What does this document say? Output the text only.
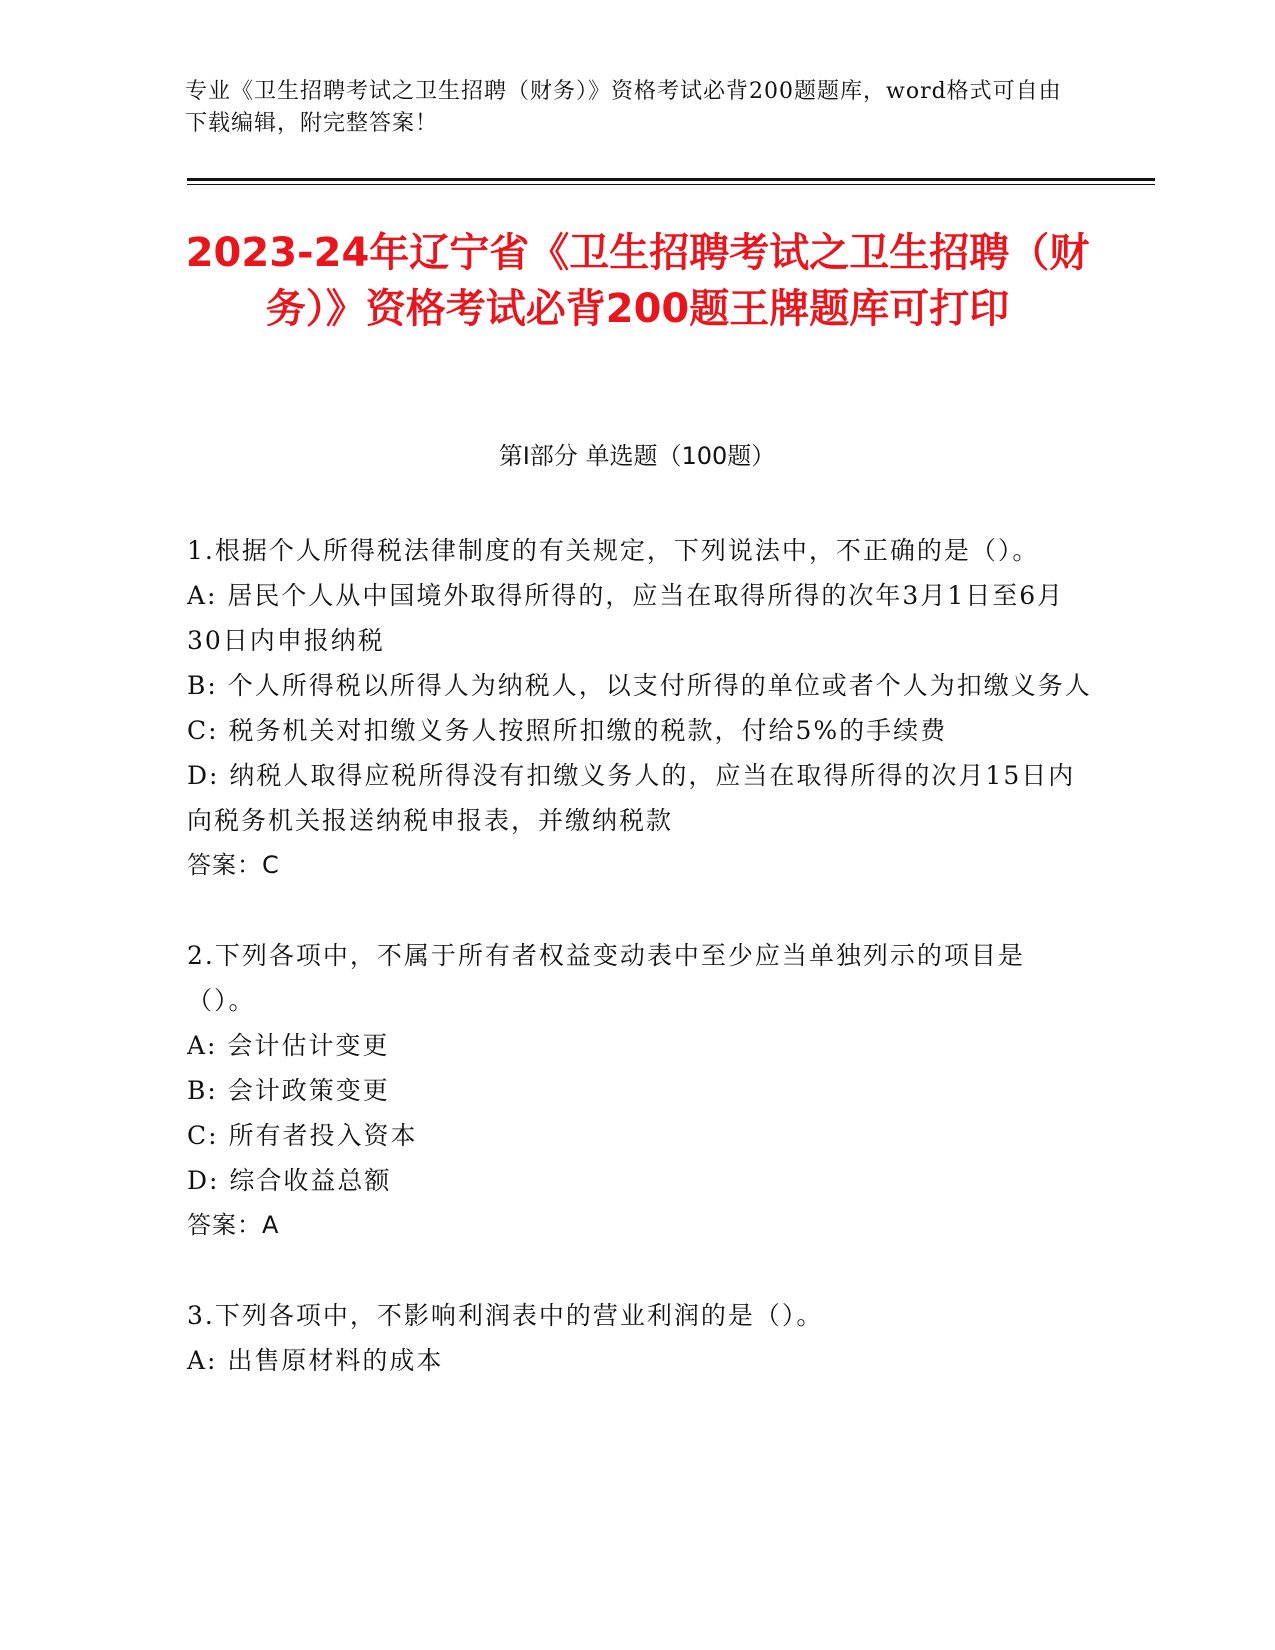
专业《卫生招聘考试之卫生招聘（财务）》资格考试必背200题题库，word格式可自由下载编辑，附完整答案！
2023-24年辽宁省《卫生招聘考试之卫生招聘（财务）》资格考试必背200题王牌题库可打印
第I部分 单选题（100题）

1.根据个人所得税法律制度的有关规定，下列说法中，不正确的是（）。

A: 居民个人从中国境外取得所得的，应当在取得所得的次年3月1日至6月30日内申报纳税

B: 个人所得税以所得人为纳税人，以支付所得的单位或者个人为扣缴义务人

C: 税务机关对扣缴义务人按照所扣缴的税款，付给5%的手续费

D: 纳税人取得应税所得没有扣缴义务人的，应当在取得所得的次月15日内向税务机关报送纳税申报表，并缴纳税款

答案：C

2.下列各项中，不属于所有者权益变动表中至少应当单独列示的项目是（）。

A: 会计估计变更

B: 会计政策变更

C: 所有者投入资本

D: 综合收益总额

答案：A

3.下列各项中，不影响利润表中的营业利润的是（）。

A: 出售原材料的成本
